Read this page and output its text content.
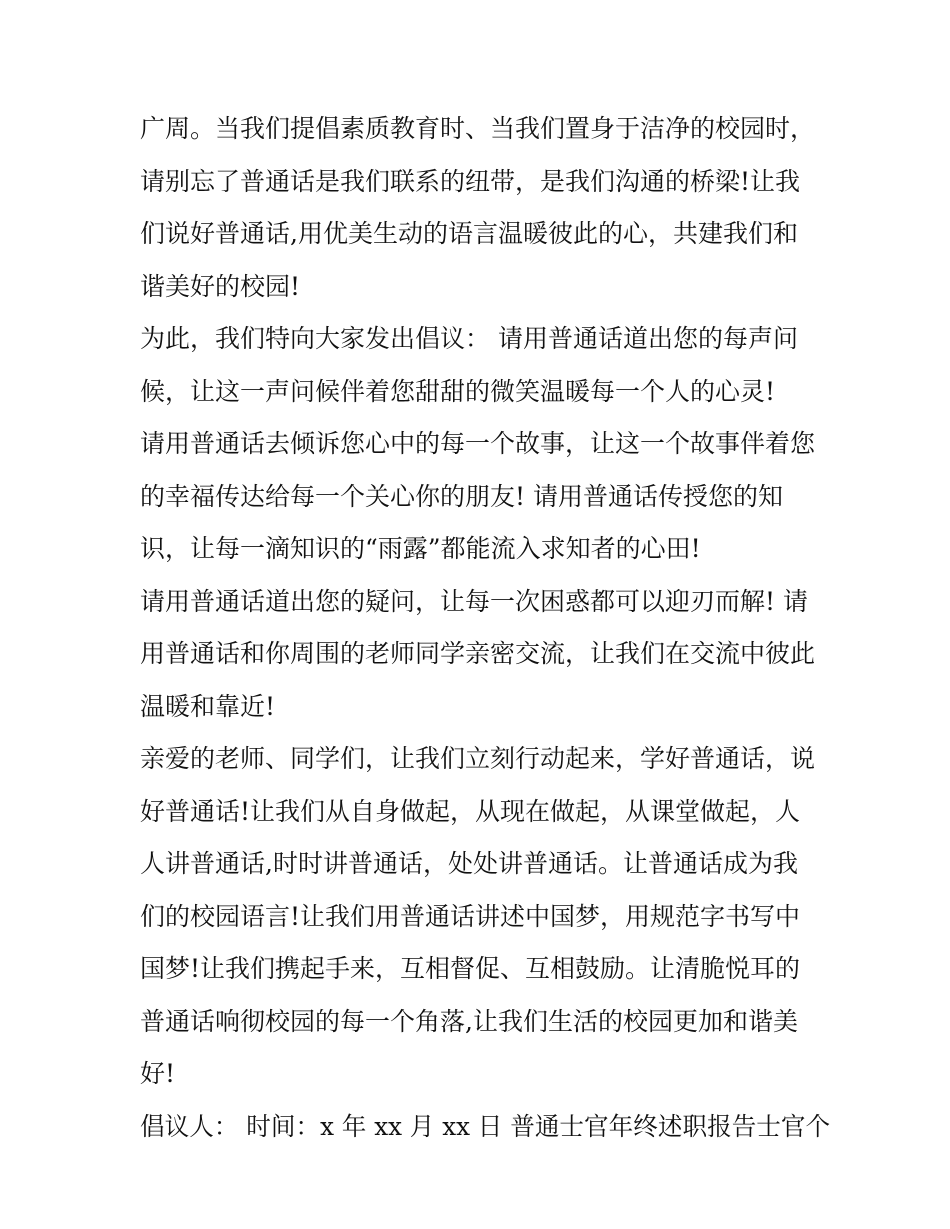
广周。当我们提倡素质教育时、当我们置身于洁净的校园时，
请别忘了普通话是我们联系的纽带，是我们沟通的桥梁!让我
们说好普通话,用优美生动的语言温暖彼此的心，共建我们和
谐美好的校园!
为此，我们特向大家发出倡议： 请用普通话道出您的每声问
候，让这一声问候伴着您甜甜的微笑温暖每一个人的心灵!
请用普通话去倾诉您心中的每一个故事，让这一个故事伴着您
的幸福传达给每一个关心你的朋友! 请用普通话传授您的知
识，让每一滴知识的“雨露”都能流入求知者的心田!
请用普通话道出您的疑问，让每一次困惑都可以迎刃而解! 请
用普通话和你周围的老师同学亲密交流，让我们在交流中彼此
温暖和靠近!
亲爱的老师、同学们，让我们立刻行动起来，学好普通话，说
好普通话!让我们从自身做起，从现在做起，从课堂做起，人
人讲普通话,时时讲普通话，处处讲普通话。让普通话成为我
们的校园语言!让我们用普通话讲述中国梦，用规范字书写中
国梦!让我们携起手来，互相督促、互相鼓励。让清脆悦耳的
普通话响彻校园的每一个角落,让我们生活的校园更加和谐美
好!
倡议人： 时间：x 年 xx 月 xx 日 普通士官年终述职报告士官个
